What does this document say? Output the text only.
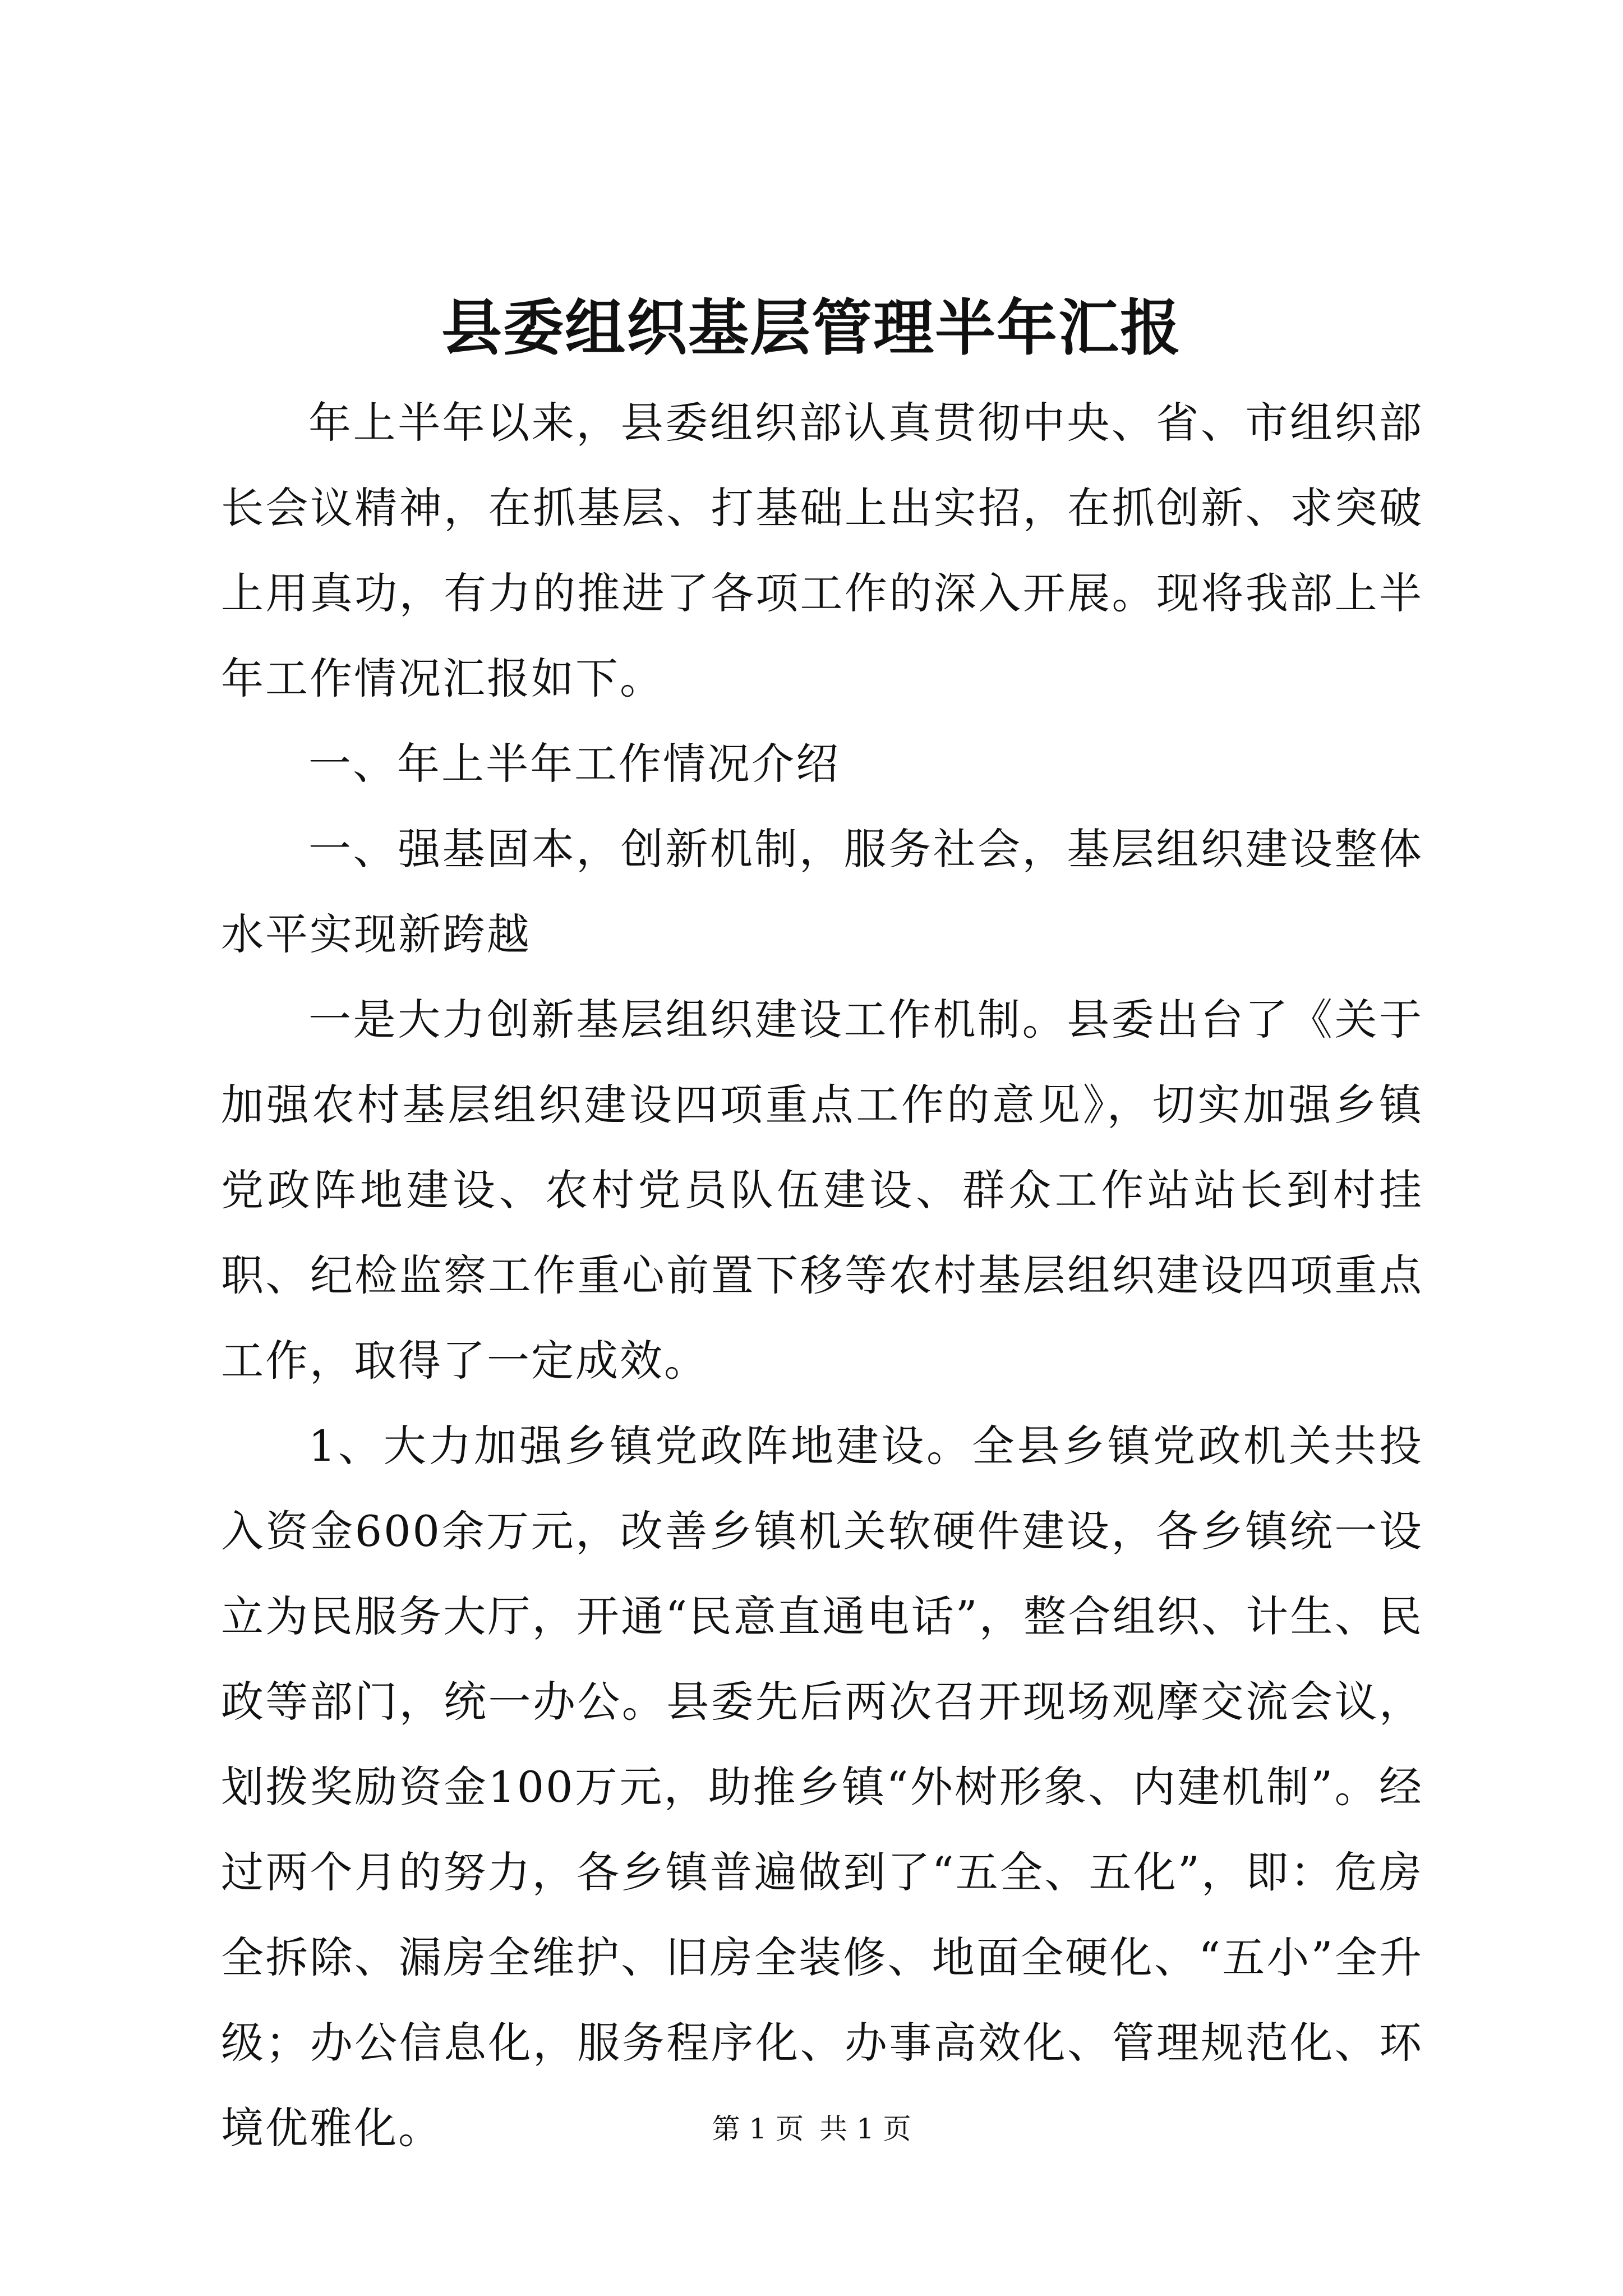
县委组织基层管理半年汇报

年上半年以来，县委组织部认真贯彻中央、省、市组织部长会议精神，在抓基层、打基础上出实招，在抓创新、求突破上用真功，有力的推进了各项工作的深入开展。现将我部上半年工作情况汇报如下。

一、年上半年工作情况介绍

一、强基固本，创新机制，服务社会，基层组织建设整体水平实现新跨越

一是大力创新基层组织建设工作机制。县委出台了《关于加强农村基层组织建设四项重点工作的意见》，切实加强乡镇党政阵地建设、农村党员队伍建设、群众工作站站长到村挂职、纪检监察工作重心前置下移等农村基层组织建设四项重点工作，取得了一定成效。

1、大力加强乡镇党政阵地建设。全县乡镇党政机关共投入资金600余万元，改善乡镇机关软硬件建设，各乡镇统一设立为民服务大厅，开通“民意直通电话”，整合组织、计生、民政等部门，统一办公。县委先后两次召开现场观摩交流会议，划拨奖励资金100万元，助推乡镇“外树形象、内建机制”。经过两个月的努力，各乡镇普遍做到了“五全、五化”，即：危房全拆除、漏房全维护、旧房全装修、地面全硬化、“五小”全升级；办公信息化，服务程序化、办事高效化、管理规范化、环境优雅化。	第 1 页 共 1 页
